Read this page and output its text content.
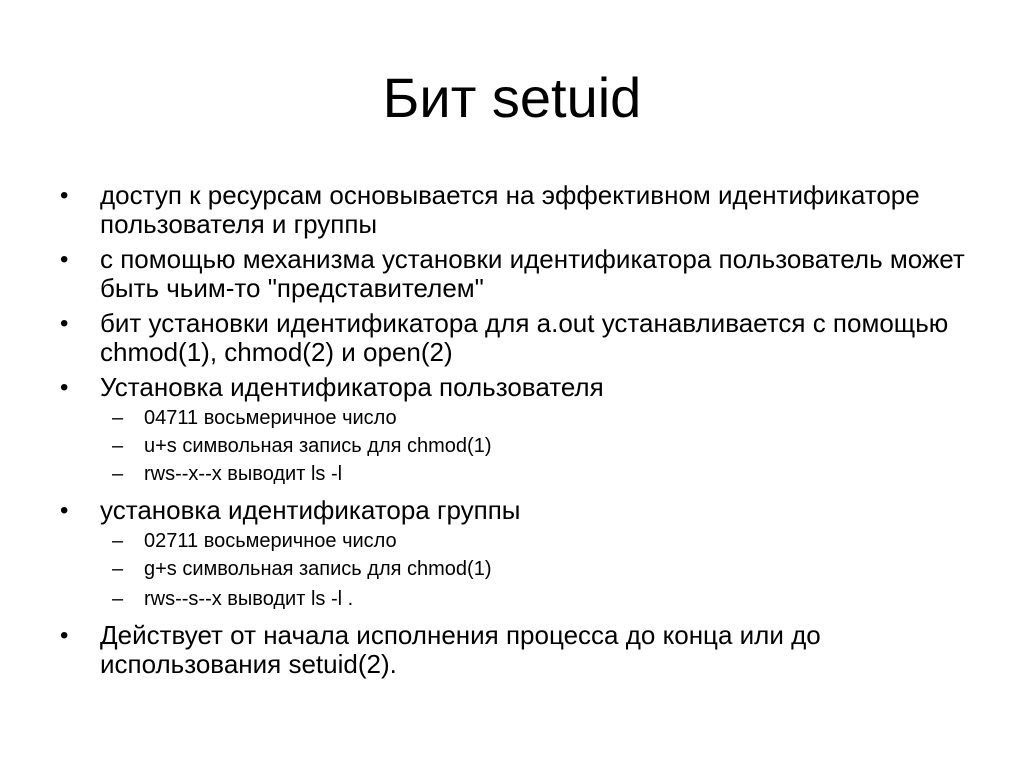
Бит setuid
•	доступ к ресурсам основывается на эффективном идентификаторе пользователя и группы
•	с помощью механизма установки идентификатора пользователь может быть чьим-то "представителем"
•	бит установки идентификатора для a.out устанавливается с помощью chmod(1), chmod(2) и open(2)
•	Установка идентификатора пользователя
–	04711 восьмеричное число
–	u+s символьная запись для chmod(1)
–	rws--x--x выводит ls -l
•	установка идентификатора группы
–	02711 восьмеричное число
–	g+s символьная запись для chmod(1)
–	rws--s--x выводит ls -l .
•	Действует от начала исполнения процесса до конца или до использования setuid(2).
